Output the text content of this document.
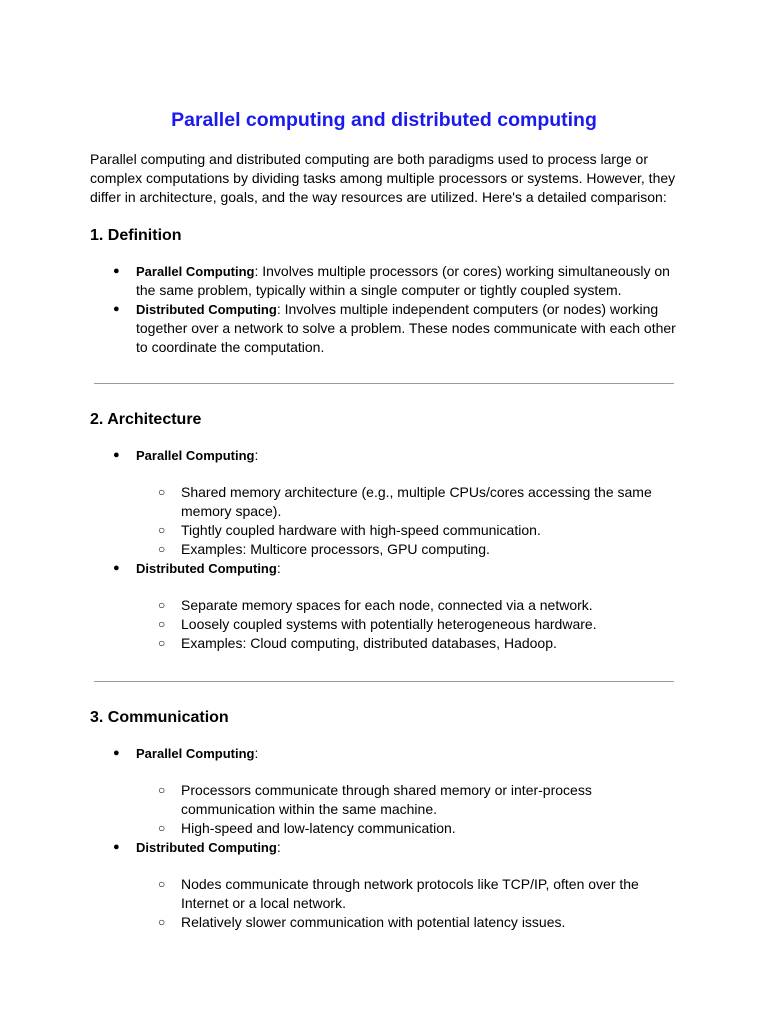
Parallel computing and distributed computing

Parallel computing and distributed computing are both paradigms used to process large or complex computations by dividing tasks among multiple processors or systems. However, they differ in architecture, goals, and the way resources are utilized. Here's a detailed comparison:

1. Definition
● Parallel Computing: Involves multiple processors (or cores) working simultaneously on the same problem, typically within a single computer or tightly coupled system.
● Distributed Computing: Involves multiple independent computers (or nodes) working together over a network to solve a problem. These nodes communicate with each other to coordinate the computation.
2. Architecture
● Parallel Computing:
○ Shared memory architecture (e.g., multiple CPUs/cores accessing the same memory space).
○ Tightly coupled hardware with high-speed communication.
○ Examples: Multicore processors, GPU computing.
● Distributed Computing:
○ Separate memory spaces for each node, connected via a network.
○ Loosely coupled systems with potentially heterogeneous hardware.
○ Examples: Cloud computing, distributed databases, Hadoop.
3. Communication
● Parallel Computing:
○ Processors communicate through shared memory or inter-process communication within the same machine.
○ High-speed and low-latency communication.
● Distributed Computing:
○ Nodes communicate through network protocols like TCP/IP, often over the Internet or a local network.
○ Relatively slower communication with potential latency issues.
